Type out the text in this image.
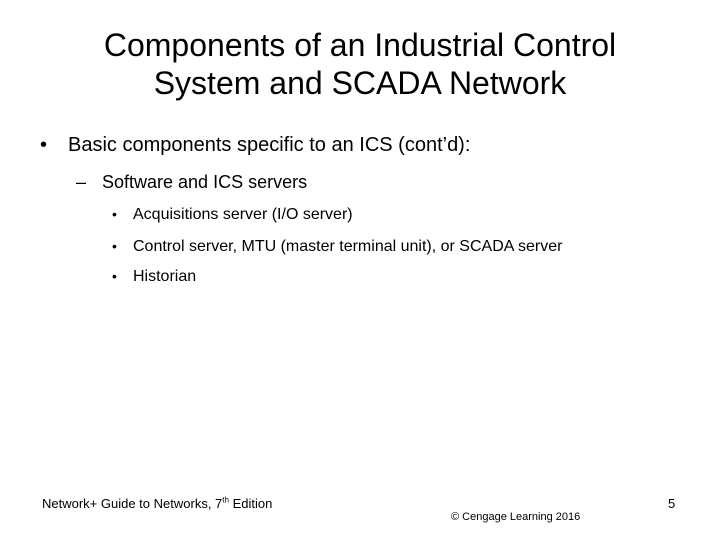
Components of an Industrial Control
System and SCADA Network
• Basic components specific to an ICS (cont’d):
– Software and ICS servers
• Acquisitions server (I/O server)
• Control server, MTU (master terminal unit), or SCADA server
• Historian
Network+ Guide to Networks, 7th Edition
© Cengage Learning 2016
5
